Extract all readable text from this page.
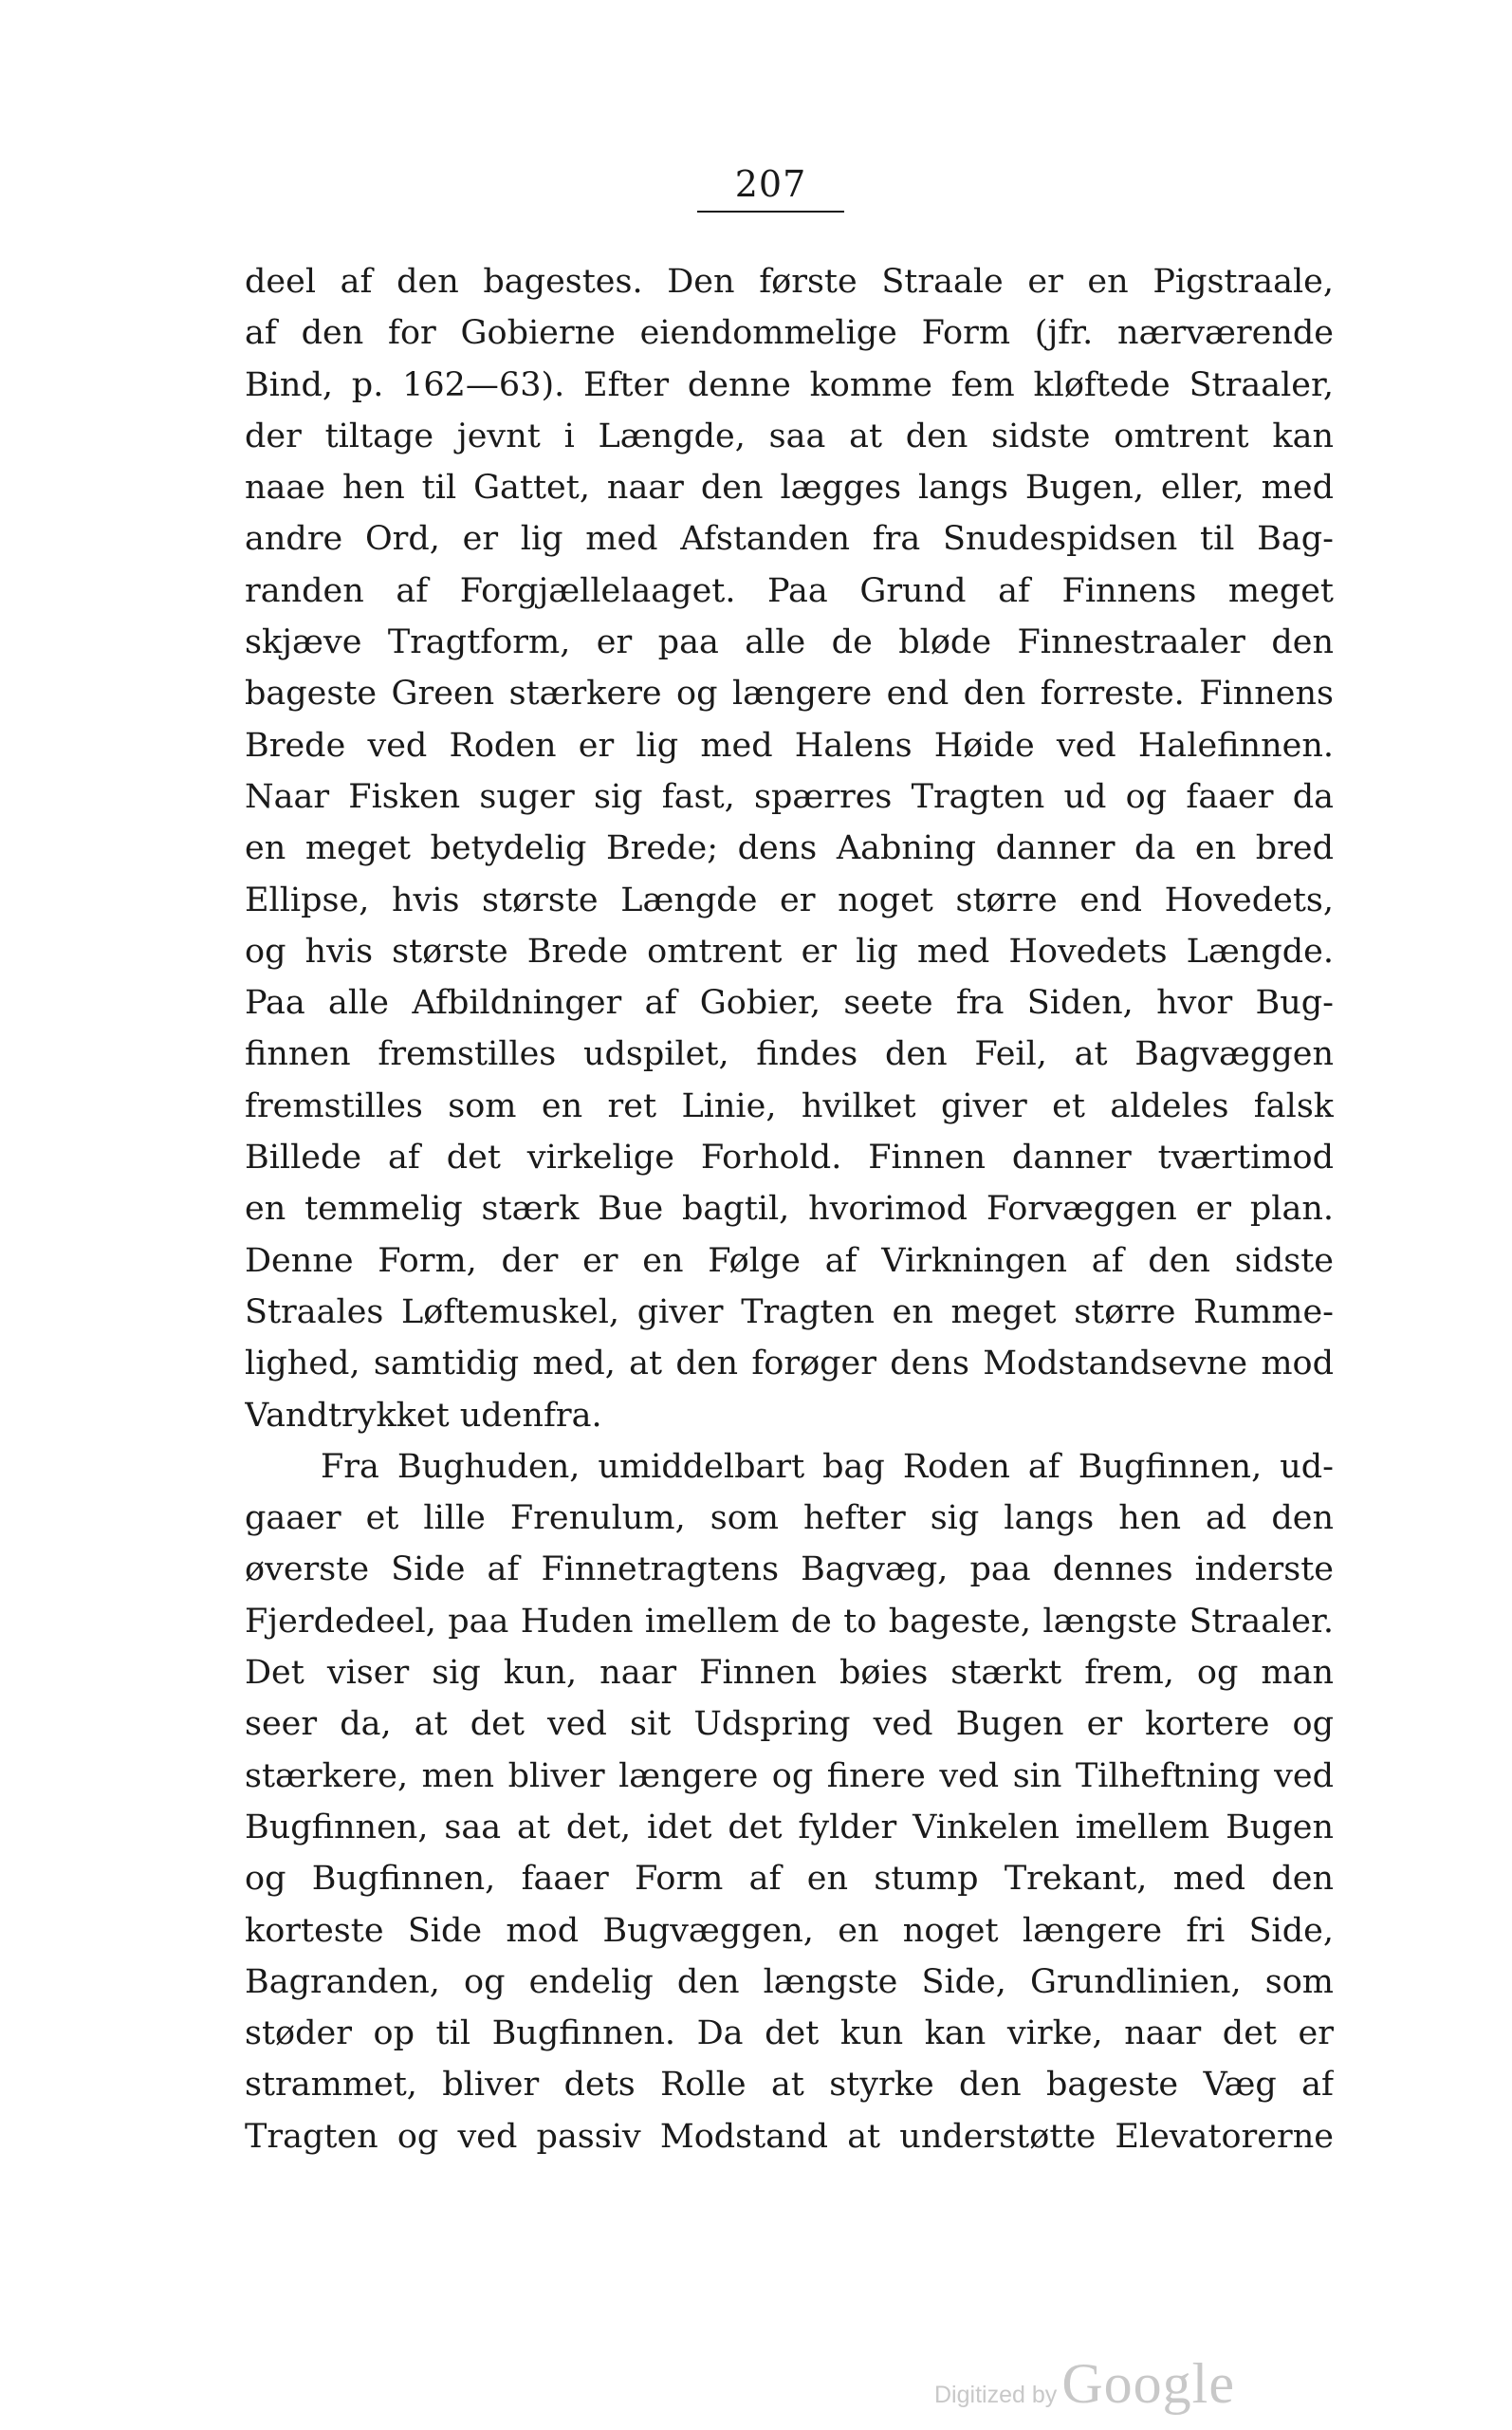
207
deel af den bagestes. Den første Straale er en Pigstraale,
af den for Gobierne eiendommelige Form (jfr. nærværende
Bind, p. 162—63). Efter denne komme fem kløftede Straaler,
der tiltage jevnt i Længde, saa at den sidste omtrent kan
naae hen til Gattet, naar den lægges langs Bugen, eller, med
andre Ord, er lig med Afstanden fra Snudespidsen til Bag-
randen af Forgjællelaaget. Paa Grund af Finnens meget
skjæve Tragtform, er paa alle de bløde Finnestraaler den
bageste Green stærkere og længere end den forreste. Finnens
Brede ved Roden er lig med Halens Høide ved Halefinnen.
Naar Fisken suger sig fast, spærres Tragten ud og faaer da
en meget betydelig Brede; dens Aabning danner da en bred
Ellipse, hvis største Længde er noget større end Hovedets,
og hvis største Brede omtrent er lig med Hovedets Længde.
Paa alle Afbildninger af Gobier, seete fra Siden, hvor Bug-
finnen fremstilles udspilet, findes den Feil, at Bagvæggen
fremstilles som en ret Linie, hvilket giver et aldeles falsk
Billede af det virkelige Forhold. Finnen danner tværtimod
en temmelig stærk Bue bagtil, hvorimod Forvæggen er plan.
Denne Form, der er en Følge af Virkningen af den sidste
Straales Løftemuskel, giver Tragten en meget større Rumme-
lighed, samtidig med, at den forøger dens Modstandsevne mod
Vandtrykket udenfra.
Fra Bughuden, umiddelbart bag Roden af Bugfinnen, ud-
gaaer et lille Frenulum, som hefter sig langs hen ad den
øverste Side af Finnetragtens Bagvæg, paa dennes inderste
Fjerdedeel, paa Huden imellem de to bageste, længste Straaler.
Det viser sig kun, naar Finnen bøies stærkt frem, og man
seer da, at det ved sit Udspring ved Bugen er kortere og
stærkere, men bliver længere og finere ved sin Tilheftning ved
Bugfinnen, saa at det, idet det fylder Vinkelen imellem Bugen
og Bugfinnen, faaer Form af en stump Trekant, med den
korteste Side mod Bugvæggen, en noget længere fri Side,
Bagranden, og endelig den længste Side, Grundlinien, som
støder op til Bugfinnen. Da det kun kan virke, naar det er
strammet, bliver dets Rolle at styrke den bageste Væg af
Tragten og ved passiv Modstand at understøtte Elevatorerne
Digitized by Google
